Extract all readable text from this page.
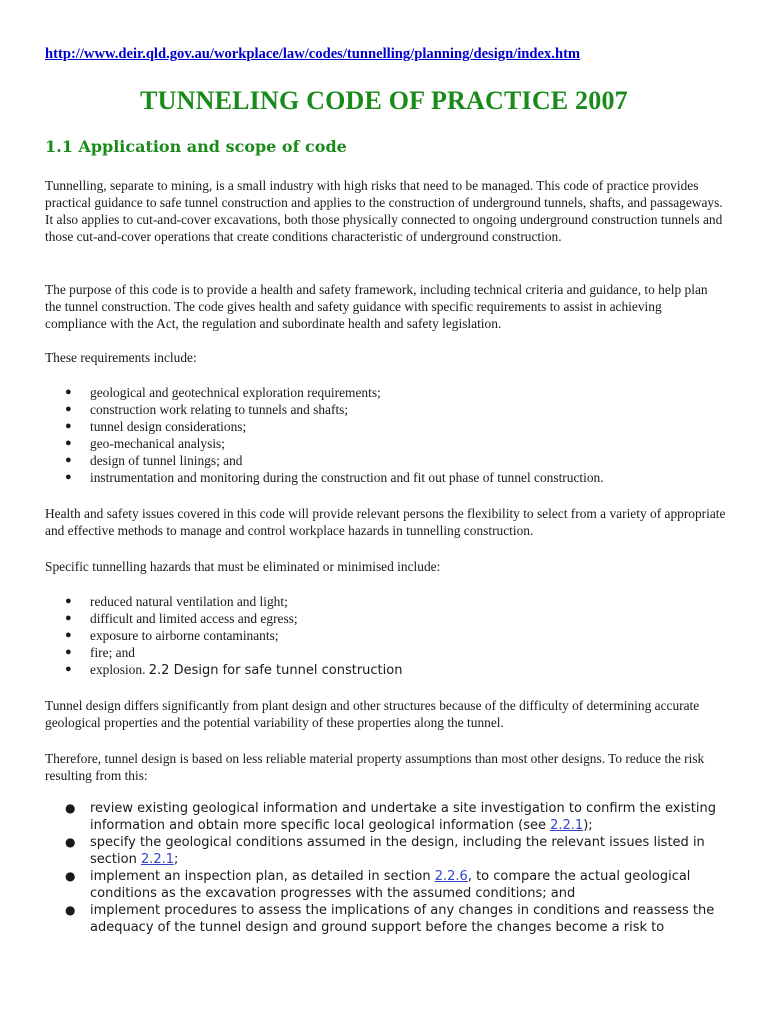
http://www.deir.qld.gov.au/workplace/law/codes/tunnelling/planning/design/index.htm
TUNNELING CODE OF PRACTICE 2007
1.1 Application and scope of code

Tunnelling, separate to mining, is a small industry with high risks that need to be managed. This code of practice provides practical guidance to safe tunnel construction and applies to the construction of underground tunnels, shafts, and passageways. It also applies to cut-and-cover excavations, both those physically connected to ongoing underground construction tunnels and those cut-and-cover operations that create conditions characteristic of underground construction.

The purpose of this code is to provide a health and safety framework, including technical criteria and guidance, to help plan the tunnel construction. The code gives health and safety guidance with specific requirements to assist in achieving compliance with the Act, the regulation and subordinate health and safety legislation.

These requirements include:

● geological and geotechnical exploration requirements;
● construction work relating to tunnels and shafts;
● tunnel design considerations;
● geo-mechanical analysis;
● design of tunnel linings; and
● instrumentation and monitoring during the construction and fit out phase of tunnel construction.

Health and safety issues covered in this code will provide relevant persons the flexibility to select from a variety of appropriate and effective methods to manage and control workplace hazards in tunnelling construction.

Specific tunnelling hazards that must be eliminated or minimised include:

● reduced natural ventilation and light;
● difficult and limited access and egress;
● exposure to airborne contaminants;
● fire; and
● explosion. 2.2 Design for safe tunnel construction

Tunnel design differs significantly from plant design and other structures because of the difficulty of determining accurate geological properties and the potential variability of these properties along the tunnel.

Therefore, tunnel design is based on less reliable material property assumptions than most other designs. To reduce the risk resulting from this:

● review existing geological information and undertake a site investigation to confirm the existing information and obtain more specific local geological information (see 2.2.1);
● specify the geological conditions assumed in the design, including the relevant issues listed in section 2.2.1;
● implement an inspection plan, as detailed in section 2.2.6, to compare the actual geological conditions as the excavation progresses with the assumed conditions; and
● implement procedures to assess the implications of any changes in conditions and reassess the adequacy of the tunnel design and ground support before the changes become a risk to
